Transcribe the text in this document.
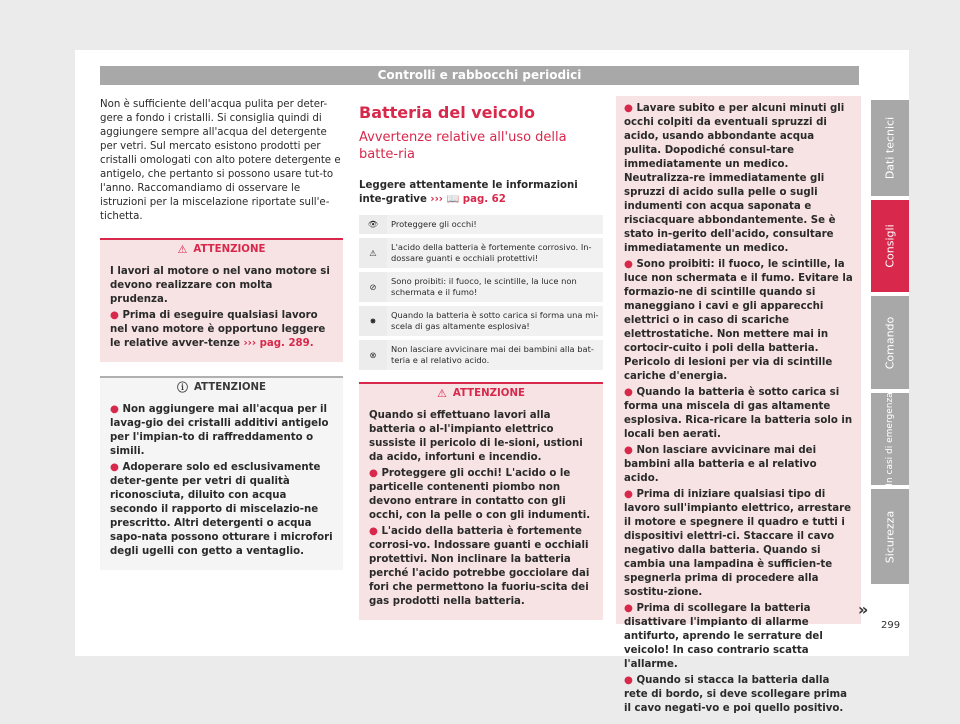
Controlli e rabbocchi periodici

Non è sufficiente dell'acqua pulita per deter-gere a fondo i cristalli. Si consiglia quindi di aggiungere sempre all'acqua del detergente per vetri. Sul mercato esistono prodotti per cristalli omologati con alto potere detergente e antigelo, che pertanto si possono usare tut-to l'anno. Raccomandiamo di osservare le istruzioni per la miscelazione riportate sull'e-tichetta.

⚠ ATTENZIONE

I lavori al motore o nel vano motore si devono realizzare con molta prudenza.

● Prima di eseguire qualsiasi lavoro nel vano motore è opportuno leggere le relative avver-tenze ››› pag. 289.

ⓘ ATTENZIONE

● Non aggiungere mai all'acqua per il lavag-gio dei cristalli additivi antigelo per l'impian-to di raffreddamento o simili.

● Adoperare solo ed esclusivamente deter-gente per vetri di qualità riconosciuta, diluito con acqua secondo il rapporto di miscelazio-ne prescritto. Altri detergenti o acqua sapo-nata possono otturare i microfori degli ugelli con getto a ventaglio.

Batteria del veicolo
Avvertenze relative all'uso della batte-ria

Leggere attentamente le informazioni inte-grative ››› 📖 pag. 62

👁	Proteggere gli occhi!
⚠	L'acido della batteria è fortemente corrosivo. In-dossare guanti e occhiali protettivi!
⊘	Sono proibiti: il fuoco, le scintille, la luce non schermata e il fumo!
✸	Quando la batteria è sotto carica si forma una mi-scela di gas altamente esplosiva!
⊗	Non lasciare avvicinare mai dei bambini alla bat-teria e al relativo acido.
⚠ ATTENZIONE

Quando si effettuano lavori alla batteria o al-l'impianto elettrico sussiste il pericolo di le-sioni, ustioni da acido, infortuni e incendio.

● Proteggere gli occhi! L'acido o le particelle contenenti piombo non devono entrare in contatto con gli occhi, con la pelle o con gli indumenti.

● L'acido della batteria è fortemente corrosi-vo. Indossare guanti e occhiali protettivi. Non inclinare la batteria perché l'acido potrebbe gocciolare dai fori che permettono la fuoriu-scita dei gas prodotti nella batteria.

● Lavare subito e per alcuni minuti gli occhi colpiti da eventuali spruzzi di acido, usando abbondante acqua pulita. Dopodiché consul-tare immediatamente un medico. Neutralizza-re immediatamente gli spruzzi di acido sulla pelle o sugli indumenti con acqua saponata e risciacquare abbondantemente. Se è stato in-gerito dell'acido, consultare immediatamente un medico.

● Sono proibiti: il fuoco, le scintille, la luce non schermata e il fumo. Evitare la formazio-ne di scintille quando si maneggiano i cavi e gli apparecchi elettrici o in caso di scariche elettrostatiche. Non mettere mai in cortocir-cuito i poli della batteria. Pericolo di lesioni per via di scintille cariche d'energia.

● Quando la batteria è sotto carica si forma una miscela di gas altamente esplosiva. Rica-ricare la batteria solo in locali ben aerati.

● Non lasciare avvicinare mai dei bambini alla batteria e al relativo acido.

● Prima di iniziare qualsiasi tipo di lavoro sull'impianto elettrico, arrestare il motore e spegnere il quadro e tutti i dispositivi elettri-ci. Staccare il cavo negativo dalla batteria. Quando si cambia una lampadina è sufficien-te spegnerla prima di procedere alla sostitu-zione.

● Prima di scollegare la batteria disattivare l'impianto di allarme antifurto, aprendo le serrature del veicolo! In caso contrario scatta l'allarme.

● Quando si stacca la batteria dalla rete di bordo, si deve scollegare prima il cavo negati-vo e poi quello positivo.

»
Dati tecnici
Consigli
Comando
In casi di emergenza
Sicurezza
299
